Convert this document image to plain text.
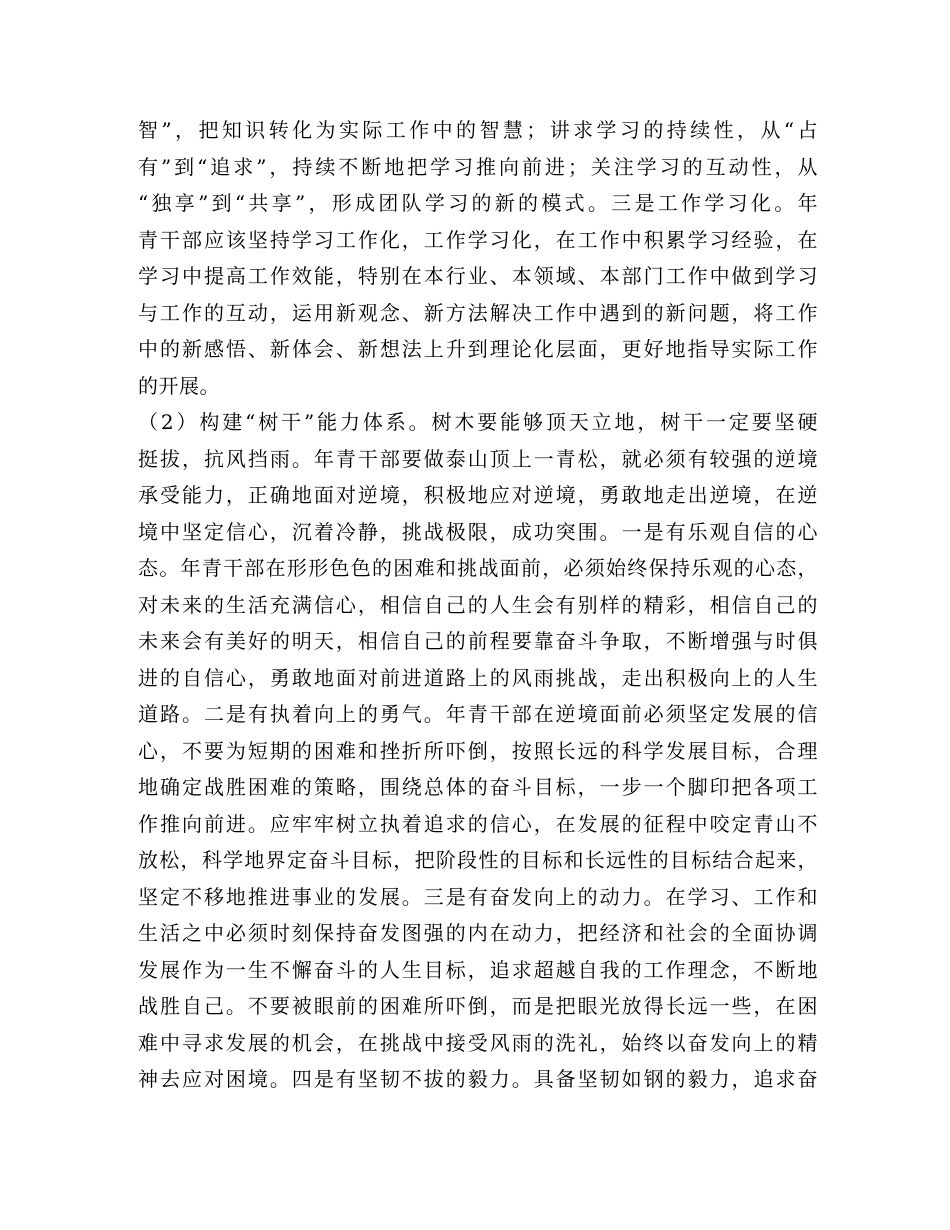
智”，把知识转化为实际工作中的智慧；讲求学习的持续性，从“占
有”到“追求”，持续不断地把学习推向前进；关注学习的互动性，从
“独享”到“共享”，形成团队学习的新的模式。三是工作学习化。年
青干部应该坚持学习工作化，工作学习化，在工作中积累学习经验，在
学习中提高工作效能，特别在本行业、本领域、本部门工作中做到学习
与工作的互动，运用新观念、新方法解决工作中遇到的新问题，将工作
中的新感悟、新体会、新想法上升到理论化层面，更好地指导实际工作
的开展。
（2）构建“树干”能力体系。树木要能够顶天立地，树干一定要坚硬
挺拔，抗风挡雨。年青干部要做泰山顶上一青松，就必须有较强的逆境
承受能力，正确地面对逆境，积极地应对逆境，勇敢地走出逆境，在逆
境中坚定信心，沉着冷静，挑战极限，成功突围。一是有乐观自信的心
态。年青干部在形形色色的困难和挑战面前，必须始终保持乐观的心态，
对未来的生活充满信心，相信自己的人生会有别样的精彩，相信自己的
未来会有美好的明天，相信自己的前程要靠奋斗争取，不断增强与时俱
进的自信心，勇敢地面对前进道路上的风雨挑战，走出积极向上的人生
道路。二是有执着向上的勇气。年青干部在逆境面前必须坚定发展的信
心，不要为短期的困难和挫折所吓倒，按照长远的科学发展目标，合理
地确定战胜困难的策略，围绕总体的奋斗目标，一步一个脚印把各项工
作推向前进。应牢牢树立执着追求的信心，在发展的征程中咬定青山不
放松，科学地界定奋斗目标，把阶段性的目标和长远性的目标结合起来，
坚定不移地推进事业的发展。三是有奋发向上的动力。在学习、工作和
生活之中必须时刻保持奋发图强的内在动力，把经济和社会的全面协调
发展作为一生不懈奋斗的人生目标，追求超越自我的工作理念，不断地
战胜自己。不要被眼前的困难所吓倒，而是把眼光放得长远一些，在困
难中寻求发展的机会，在挑战中接受风雨的洗礼，始终以奋发向上的精
神去应对困境。四是有坚韧不拔的毅力。具备坚韧如钢的毅力，追求奋
